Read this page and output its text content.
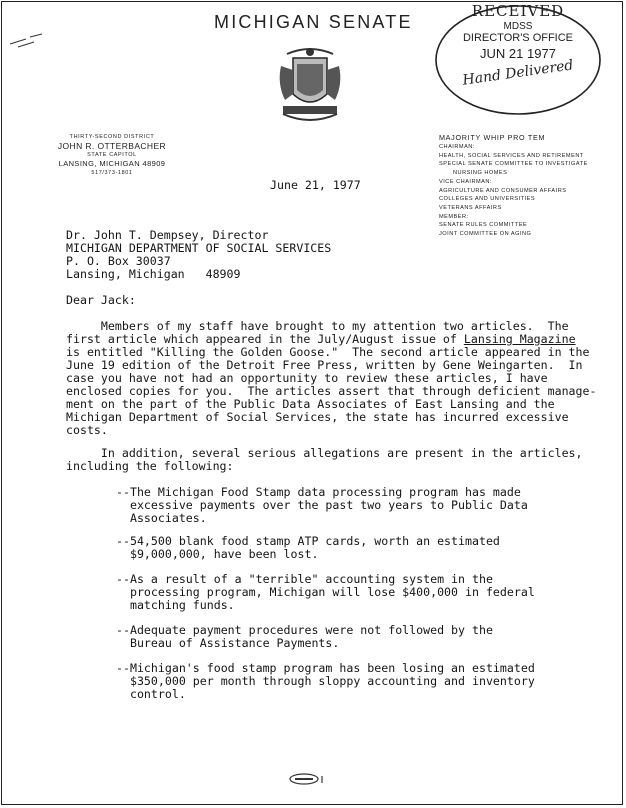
MICHIGAN SENATE
RECEIVED
MDSS
DIRECTOR'S OFFICE
JUN 21 1977
Hand Delivered
THIRTY-SECOND DISTRICT
JOHN R. OTTERBACHER
STATE CAPITOL
LANSING, MICHIGAN 48909
517/373-1801
MAJORITY WHIP PRO TEM
CHAIRMAN:
HEALTH, SOCIAL SERVICES AND RETIREMENT
SPECIAL SENATE COMMITTEE TO INVESTIGATE
NURSING HOMES
VICE CHAIRMAN:
AGRICULTURE AND CONSUMER AFFAIRS
COLLEGES AND UNIVERSITIES
VETERANS AFFAIRS
MEMBER:
SENATE RULES COMMITTEE
JOINT COMMITTEE ON AGING
June 21, 1977
Dr. John T. Dempsey, Director
MICHIGAN DEPARTMENT OF SOCIAL SERVICES
P. O. Box 30037
Lansing, Michigan   48909
Dear Jack:
Members of my staff have brought to my attention two articles.  The
first article which appeared in the July/August issue of Lansing Magazine
is entitled "Killing the Golden Goose."  The second article appeared in the
June 19 edition of the Detroit Free Press, written by Gene Weingarten.  In
case you have not had an opportunity to review these articles, I have
enclosed copies for you.  The articles assert that through deficient manage-
ment on the part of the Public Data Associates of East Lansing and the
Michigan Department of Social Services, the state has incurred excessive
costs.
In addition, several serious allegations are present in the articles,
including the following:
--The Michigan Food Stamp data processing program has made
excessive payments over the past two years to Public Data
Associates.
--54,500 blank food stamp ATP cards, worth an estimated
$9,000,000, have been lost.
--As a result of a "terrible" accounting system in the
processing program, Michigan will lose $400,000 in federal
matching funds.
--Adequate payment procedures were not followed by the
Bureau of Assistance Payments.
--Michigan's food stamp program has been losing an estimated
$350,000 per month through sloppy accounting and inventory
control.
